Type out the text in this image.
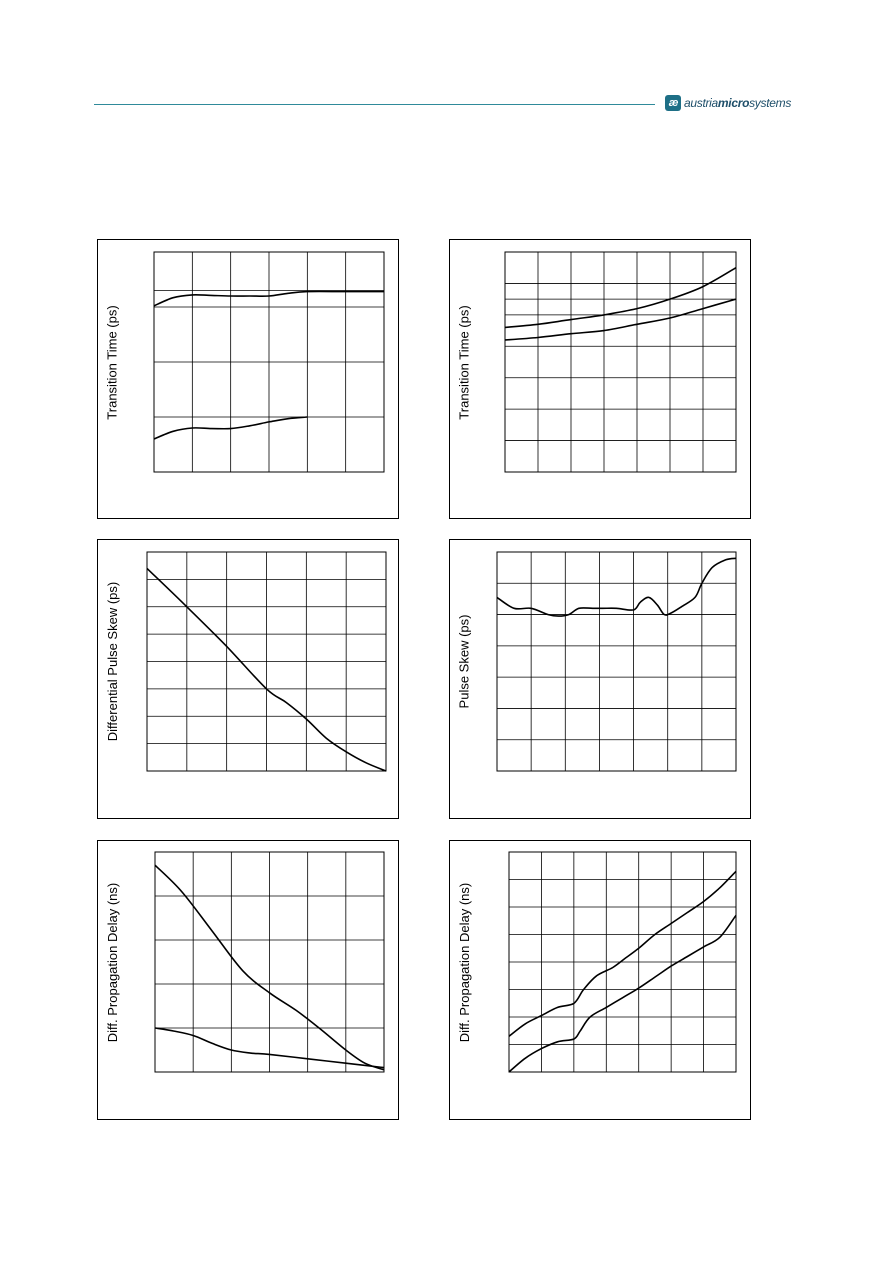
æ austriamicrosystems
Transition Time (ps)	Transition Time (ps)
Differential Pulse Skew (ps)	Pulse Skew (ps)
Diff. Propagation Delay (ns)	Diff. Propagation Delay (ns)
